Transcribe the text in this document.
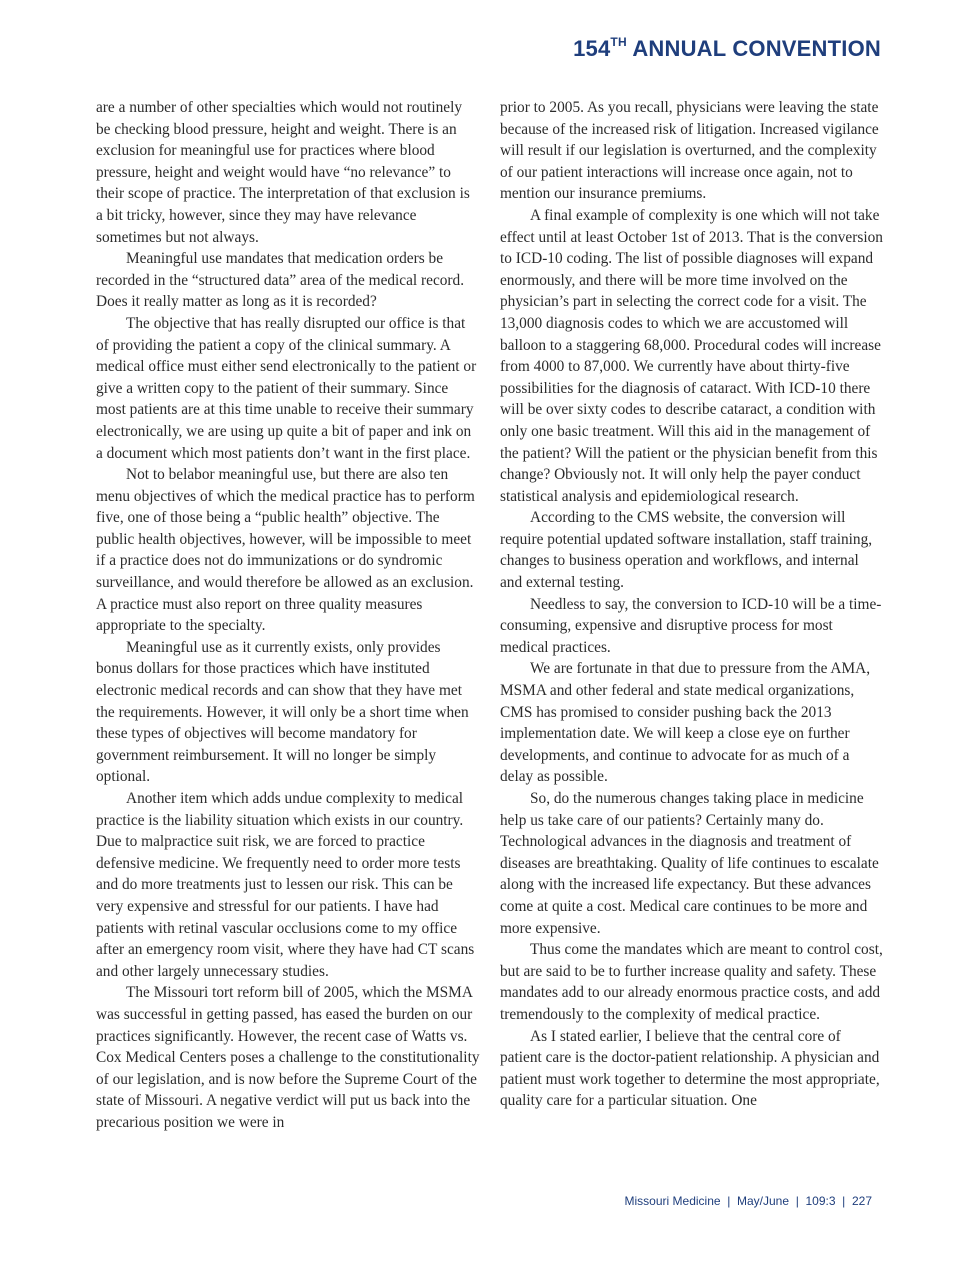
154TH ANNUAL CONVENTION

are a number of other specialties which would not routinely be checking blood pressure, height and weight. There is an exclusion for meaningful use for practices where blood pressure, height and weight would have “no relevance” to their scope of practice. The interpretation of that exclusion is a bit tricky, however, since they may have relevance sometimes but not always.

Meaningful use mandates that medication orders be recorded in the “structured data” area of the medical record. Does it really matter as long as it is recorded?

The objective that has really disrupted our office is that of providing the patient a copy of the clinical summary. A medical office must either send electronically to the patient or give a written copy to the patient of their summary. Since most patients are at this time unable to receive their summary electronically, we are using up quite a bit of paper and ink on a document which most patients don’t want in the first place.

Not to belabor meaningful use, but there are also ten menu objectives of which the medical practice has to perform five, one of those being a “public health” objective. The public health objectives, however, will be impossible to meet if a practice does not do immunizations or do syndromic surveillance, and would therefore be allowed as an exclusion. A practice must also report on three quality measures appropriate to the specialty.

Meaningful use as it currently exists, only provides bonus dollars for those practices which have instituted electronic medical records and can show that they have met the requirements. However, it will only be a short time when these types of objectives will become mandatory for government reimbursement. It will no longer be simply optional.

Another item which adds undue complexity to medical practice is the liability situation which exists in our country. Due to malpractice suit risk, we are forced to practice defensive medicine. We frequently need to order more tests and do more treatments just to lessen our risk. This can be very expensive and stressful for our patients. I have had patients with retinal vascular occlusions come to my office after an emergency room visit, where they have had CT scans and other largely unnecessary studies.

The Missouri tort reform bill of 2005, which the MSMA was successful in getting passed, has eased the burden on our practices significantly. However, the recent case of Watts vs. Cox Medical Centers poses a challenge to the constitutionality of our legislation, and is now before the Supreme Court of the state of Missouri. A negative verdict will put us back into the precarious position we were in

prior to 2005. As you recall, physicians were leaving the state because of the increased risk of litigation. Increased vigilance will result if our legislation is overturned, and the complexity of our patient interactions will increase once again, not to mention our insurance premiums.

A final example of complexity is one which will not take effect until at least October 1st of 2013. That is the conversion to ICD-10 coding. The list of possible diagnoses will expand enormously, and there will be more time involved on the physician’s part in selecting the correct code for a visit. The 13,000 diagnosis codes to which we are accustomed will balloon to a staggering 68,000. Procedural codes will increase from 4000 to 87,000. We currently have about thirty-five possibilities for the diagnosis of cataract. With ICD-10 there will be over sixty codes to describe cataract, a condition with only one basic treatment. Will this aid in the management of the patient? Will the patient or the physician benefit from this change? Obviously not. It will only help the payer conduct statistical analysis and epidemiological research.

According to the CMS website, the conversion will require potential updated software installation, staff training, changes to business operation and workflows, and internal and external testing.

Needless to say, the conversion to ICD-10 will be a time-consuming, expensive and disruptive process for most medical practices.

We are fortunate in that due to pressure from the AMA, MSMA and other federal and state medical organizations, CMS has promised to consider pushing back the 2013 implementation date. We will keep a close eye on further developments, and continue to advocate for as much of a delay as possible.

So, do the numerous changes taking place in medicine help us take care of our patients? Certainly many do. Technological advances in the diagnosis and treatment of diseases are breathtaking. Quality of life continues to escalate along with the increased life expectancy. But these advances come at quite a cost. Medical care continues to be more and more expensive.

Thus come the mandates which are meant to control cost, but are said to be to further increase quality and safety. These mandates add to our already enormous practice costs, and add tremendously to the complexity of medical practice.

As I stated earlier, I believe that the central core of patient care is the doctor-patient relationship. A physician and patient must work together to determine the most appropriate, quality care for a particular situation. One

Missouri Medicine  |  May/June  |  109:3  |  227
